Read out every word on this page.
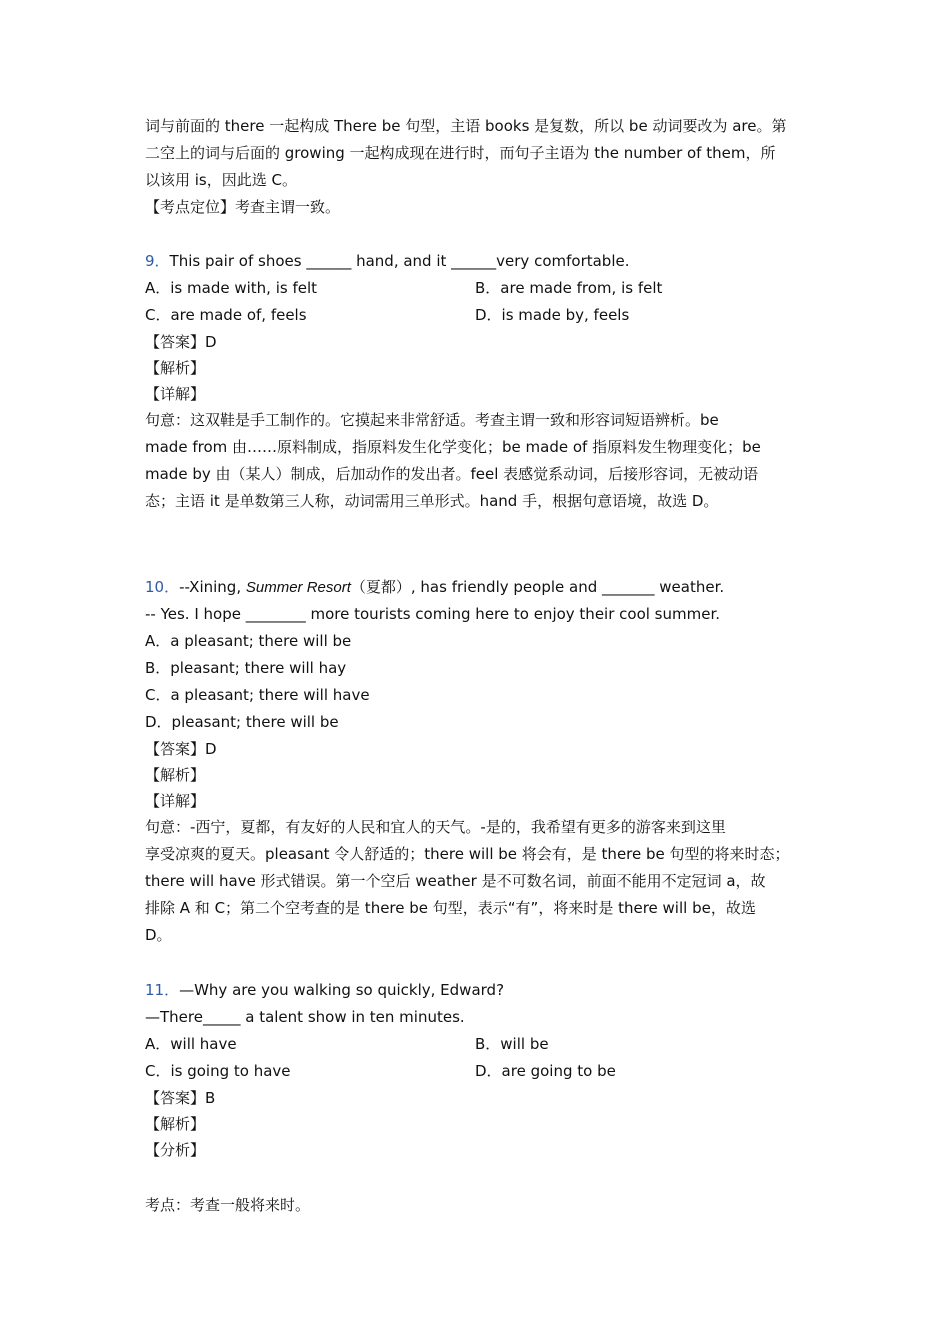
词与前面的 there 一起构成 There be 句型，主语 books 是复数，所以 be 动词要改为 are。第
二空上的词与后面的 growing 一起构成现在进行时，而句子主语为 the number of them，所
以该用 is，因此选 C。
【考点定位】考查主谓一致。
9．This pair of shoes ______ hand, and it ______very comfortable.
A．is made with, is felt	B．are made from, is felt
C．are made of, feels	D．is made by, feels
【答案】D
【解析】
【详解】
句意：这双鞋是手工制作的。它摸起来非常舒适。考查主谓一致和形容词短语辨析。be
made from 由……原料制成，指原料发生化学变化；be made of 指原料发生物理变化；be
made by 由（某人）制成，后加动作的发出者。feel 表感觉系动词，后接形容词，无被动语
态；主语 it 是单数第三人称，动词需用三单形式。hand 手，根据句意语境，故选 D。
10．--Xining, Summer Resort（夏都）, has friendly people and _______ weather.
-- Yes. I hope ________ more tourists coming here to enjoy their cool summer.
A．a pleasant; there will be
B．pleasant; there will hay
C．a pleasant; there will have
D．pleasant; there will be
【答案】D
【解析】
【详解】
句意：-西宁，夏都，有友好的人民和宜人的天气。-是的，我希望有更多的游客来到这里
享受凉爽的夏天。pleasant 令人舒适的；there will be 将会有，是 there be 句型的将来时态；
there will have 形式错误。第一个空后 weather 是不可数名词，前面不能用不定冠词 a，故
排除 A 和 C；第二个空考查的是 there be 句型，表示“有”，将来时是 there will be，故选
D。
11．—Why are you walking so quickly, Edward?
—There_____ a talent show in ten minutes.
A．will have	B．will be
C．is going to have	D．are going to be
【答案】B
【解析】
【分析】
考点：考查一般将来时。
